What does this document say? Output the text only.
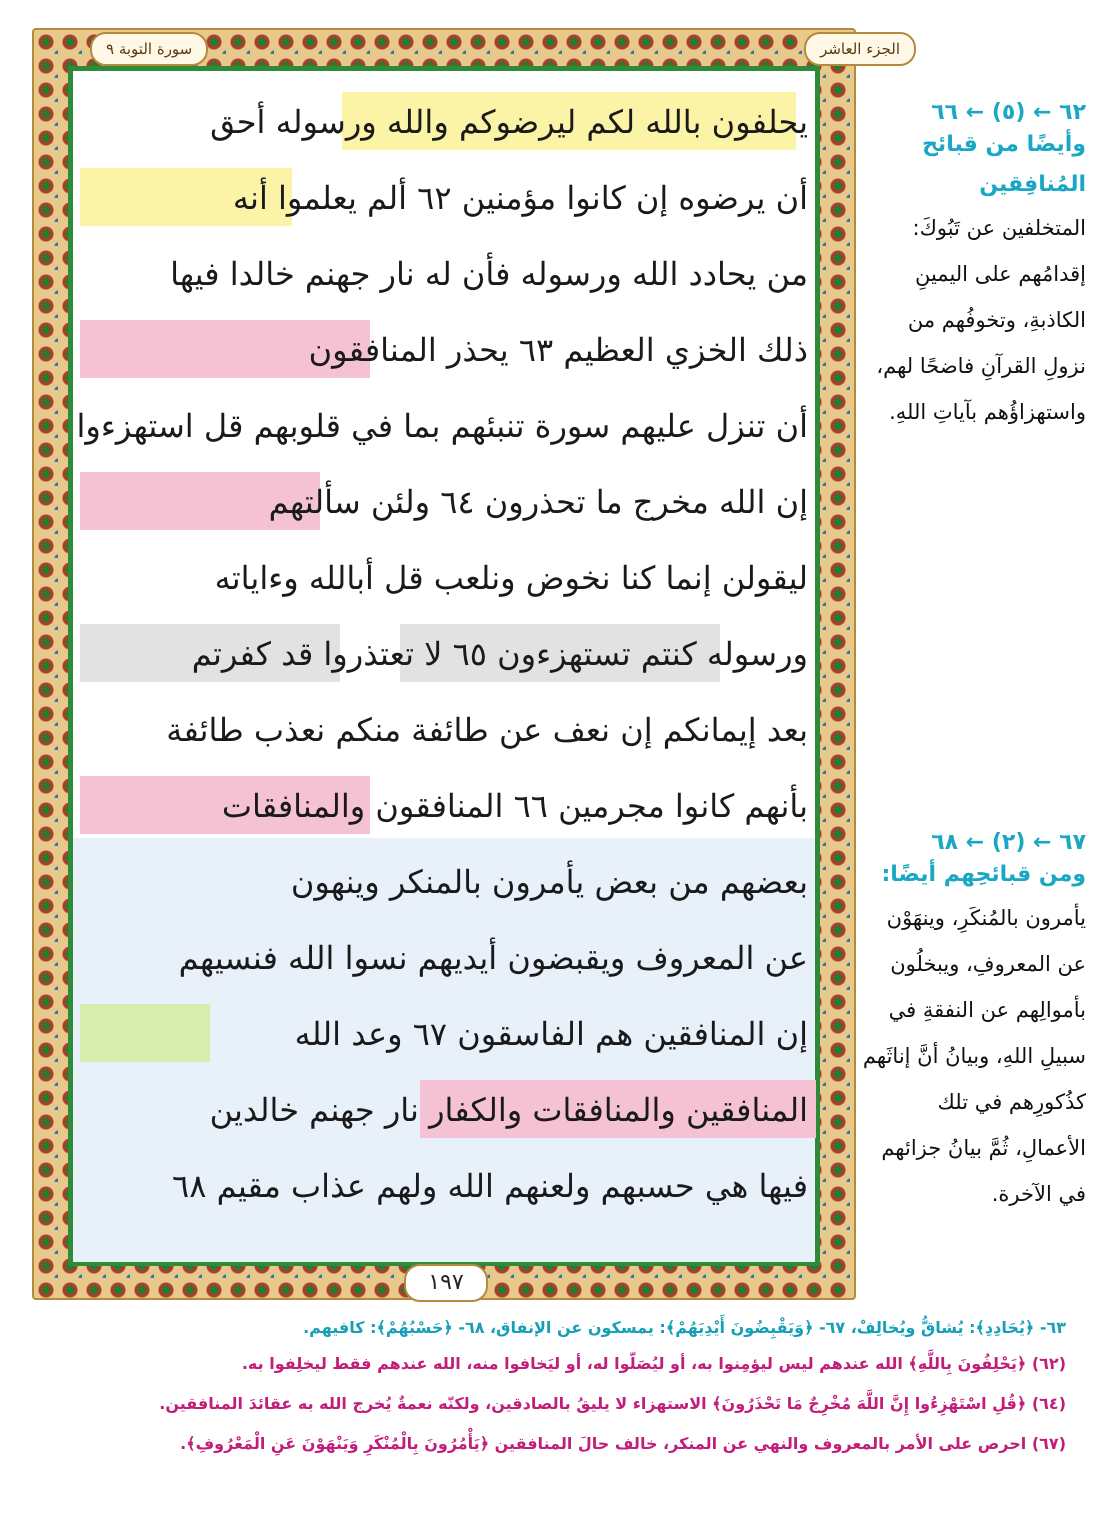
الجزء العاشر
سورة التوبة ٩
يحلفون بالله لكم ليرضوكم والله ورسوله أحق
أن يرضوه إن كانوا مؤمنين ٦٢ ألم يعلموا أنه
من يحادد الله ورسوله فأن له نار جهنم خالدا فيها
ذلك الخزي العظيم ٦٣ يحذر المنافقون
أن تنزل عليهم سورة تنبئهم بما في قلوبهم قل استهزءوا
إن الله مخرج ما تحذرون ٦٤ ولئن سألتهم
ليقولن إنما كنا نخوض ونلعب قل أبالله وءاياته
ورسوله كنتم تستهزءون ٦٥ لا تعتذروا قد كفرتم
بعد إيمانكم إن نعف عن طائفة منكم نعذب طائفة
بأنهم كانوا مجرمين ٦٦ المنافقون والمنافقات
بعضهم من بعض يأمرون بالمنكر وينهون
عن المعروف ويقبضون أيديهم نسوا الله فنسيهم
إن المنافقين هم الفاسقون ٦٧ وعد الله
المنافقين والمنافقات والكفار نار جهنم خالدين
فيها هي حسبهم ولعنهم الله ولهم عذاب مقيم ٦٨
١٩٧
٦٢ ← (٥) ← ٦٦
وأيضًا من قبائح المُنافِقين
المتخلفين عن تَبُوكَ: إقدامُهم على اليمينِ الكاذبةِ، وتخوفُهم من نزولِ القرآنِ فاضحًا لهم، واستهزاؤُهم بآياتِ اللهِ.
٦٧ ← (٢) ← ٦٨
ومن قبائحِهم أيضًا:
يأمرون بالمُنكَرِ، وينهَوْن عن المعروفِ، ويبخلُون بأموالِهم عن النفقةِ في سبيلِ اللهِ، وبيانُ أنَّ إناثَهم كذُكورِهم في تلك الأعمالِ، ثُمَّ بيانُ جزائهم في الآخرة.
٦٣- ﴿يُحَادِدِ﴾: يُشاقُّ ويُخالِفْ، ٦٧- ﴿وَيَقْبِضُونَ أَيْدِيَهُمْ﴾: يمسكون عن الإنفاق، ٦٨- ﴿حَسْبُهُمْ﴾: كافيهم.
(٦٢) ﴿يَحْلِفُونَ بِاللَّهِ﴾ الله عندهم ليس ليؤمِنوا به، أو ليُصَلّوا له، أو ليَخافوا منه، الله عندهم فقط ليخلِفوا به.
(٦٤) ﴿قُلِ اسْتَهْزِءُوا إِنَّ اللَّهَ مُخْرِجٌ مَا تَحْذَرُونَ﴾ الاستهزاء لا يليقُ بالصادقين، ولكنّه نعمةٌ يُخرج الله به عقائدَ المنافقين.
(٦٧) احرص على الأمر بالمعروف والنهي عن المنكر، خالف حالَ المنافقين ﴿يَأْمُرُونَ بِالْمُنْكَرِ وَيَنْهَوْنَ عَنِ الْمَعْرُوفِ﴾.
